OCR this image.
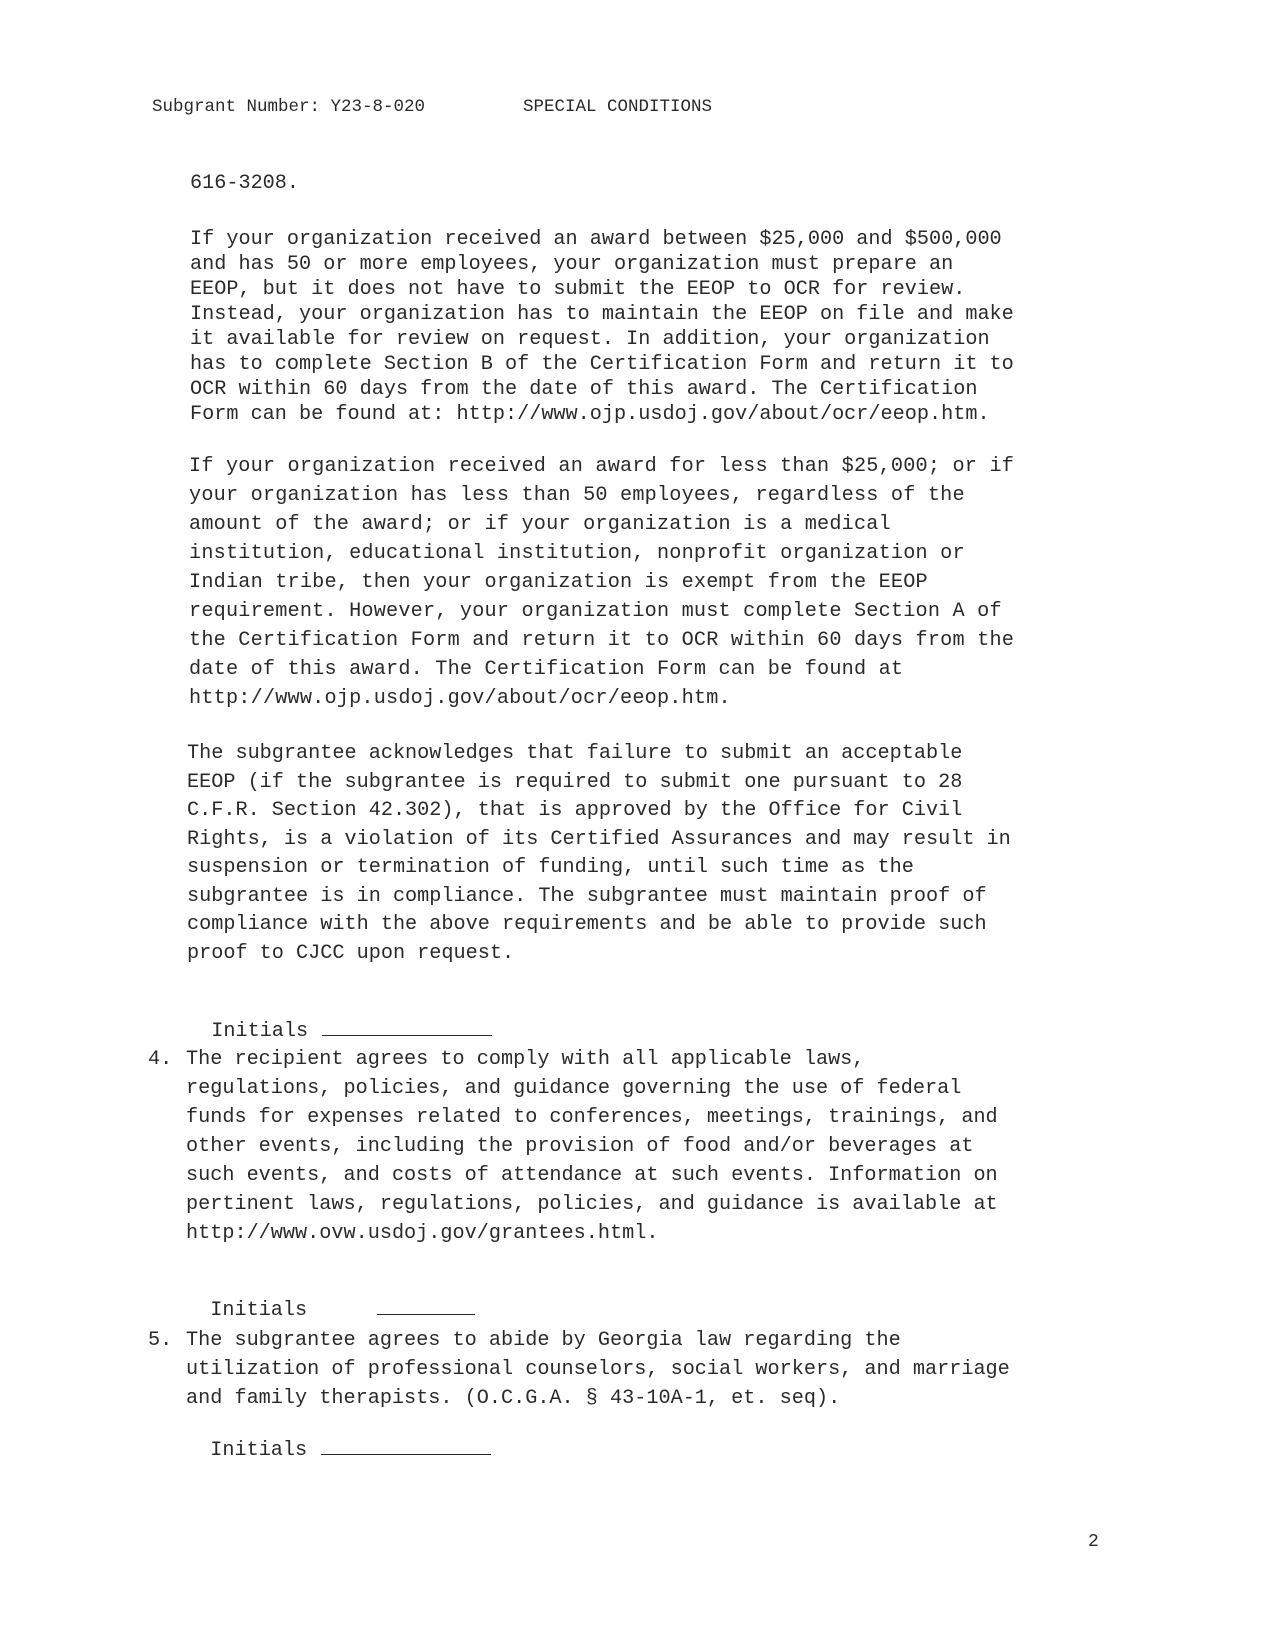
Subgrant Number: Y23-8-020	SPECIAL CONDITIONS
616-3208.
If your organization received an award between $25,000 and $500,000
and has 50 or more employees, your organization must prepare an
EEOP, but it does not have to submit the EEOP to OCR for review.
Instead, your organization has to maintain the EEOP on file and make
it available for review on request. In addition, your organization
has to complete Section B of the Certification Form and return it to
OCR within 60 days from the date of this award. The Certification
Form can be found at: http://www.ojp.usdoj.gov/about/ocr/eeop.htm.
If your organization received an award for less than $25,000; or if
your organization has less than 50 employees, regardless of the
amount of the award; or if your organization is a medical
institution, educational institution, nonprofit organization or
Indian tribe, then your organization is exempt from the EEOP
requirement. However, your organization must complete Section A of
the Certification Form and return it to OCR within 60 days from the
date of this award. The Certification Form can be found at
http://www.ojp.usdoj.gov/about/ocr/eeop.htm.
The subgrantee acknowledges that failure to submit an acceptable
EEOP (if the subgrantee is required to submit one pursuant to 28
C.F.R. Section 42.302), that is approved by the Office for Civil
Rights, is a violation of its Certified Assurances and may result in
suspension or termination of funding, until such time as the
subgrantee is in compliance. The subgrantee must maintain proof of
compliance with the above requirements and be able to provide such
proof to CJCC upon request.

Initials

4. The recipient agrees to comply with all applicable laws,
regulations, policies, and guidance governing the use of federal
funds for expenses related to conferences, meetings, trainings, and
other events, including the provision of food and/or beverages at
such events, and costs of attendance at such events. Information on
pertinent laws, regulations, policies, and guidance is available at
http://www.ovw.usdoj.gov/grantees.html.

Initials

5. The subgrantee agrees to abide by Georgia law regarding the
utilization of professional counselors, social workers, and marriage
and family therapists. (O.C.G.A. § 43-10A-1, et. seq).

Initials

2
